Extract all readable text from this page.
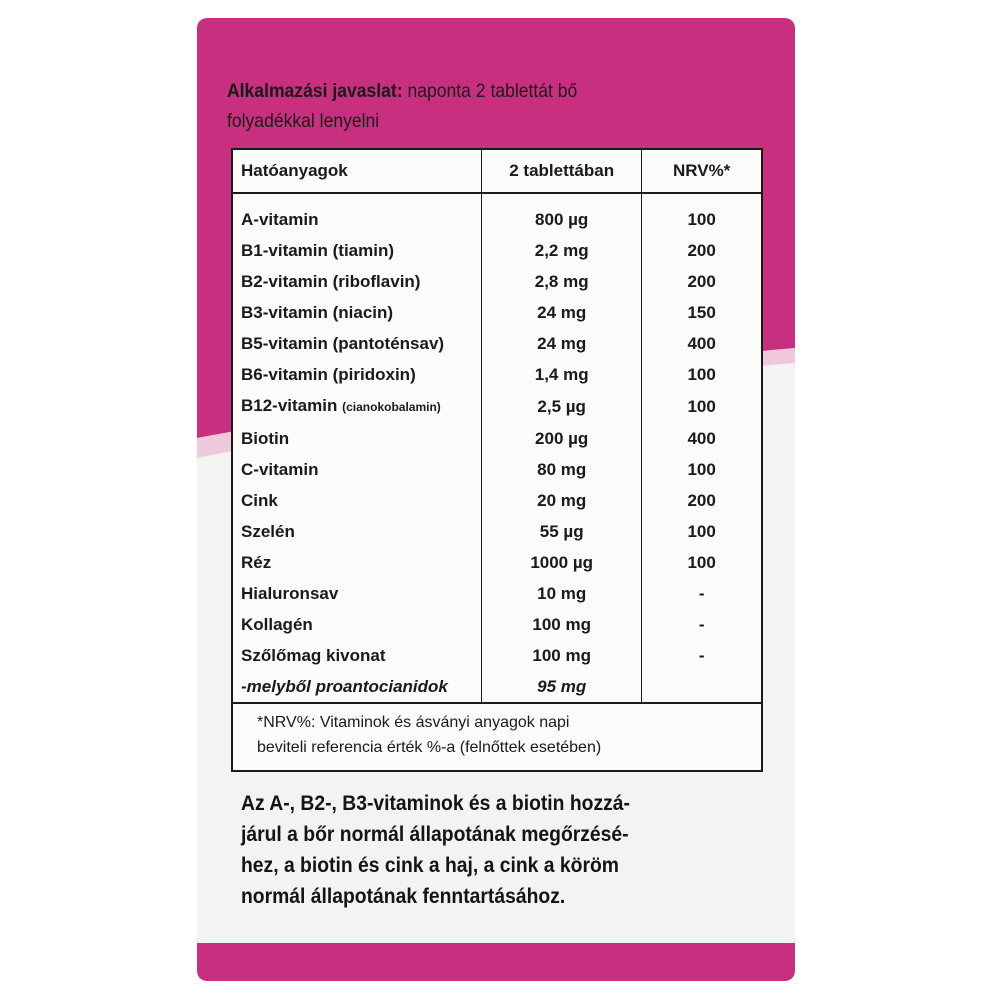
Alkalmazási javaslat: naponta 2 tablettát bő
folyadékkal lenyelni

Hatóanyagok	2 tablettában	NRV%*
A-vitamin	800 µg	100
B1-vitamin (tiamin)	2,2 mg	200
B2-vitamin (riboflavin)	2,8 mg	200
B3-vitamin (niacin)	24 mg	150
B5-vitamin (pantoténsav)	24 mg	400
B6-vitamin (piridoxin)	1,4 mg	100
B12-vitamin (cianokobalamin)	2,5 µg	100
Biotin	200 µg	400
C-vitamin	80 mg	100
Cink	20 mg	200
Szelén	55 µg	100
Réz	1000 µg	100
Hialuronsav	10 mg	-
Kollagén	100 mg	-
Szőlőmag kivonat	100 mg	-
-melyből proantocianidok	95 mg	
*NRV%: Vitaminok és ásványi anyagok napi
beviteli referencia érték %-a (felnőttek esetében)		

Az A-, B2-, B3-vitaminok és a biotin hozzá-
járul a bőr normál állapotának megőrzésé-
hez, a biotin és cink a haj, a cink a köröm
normál állapotának fenntartásához.
